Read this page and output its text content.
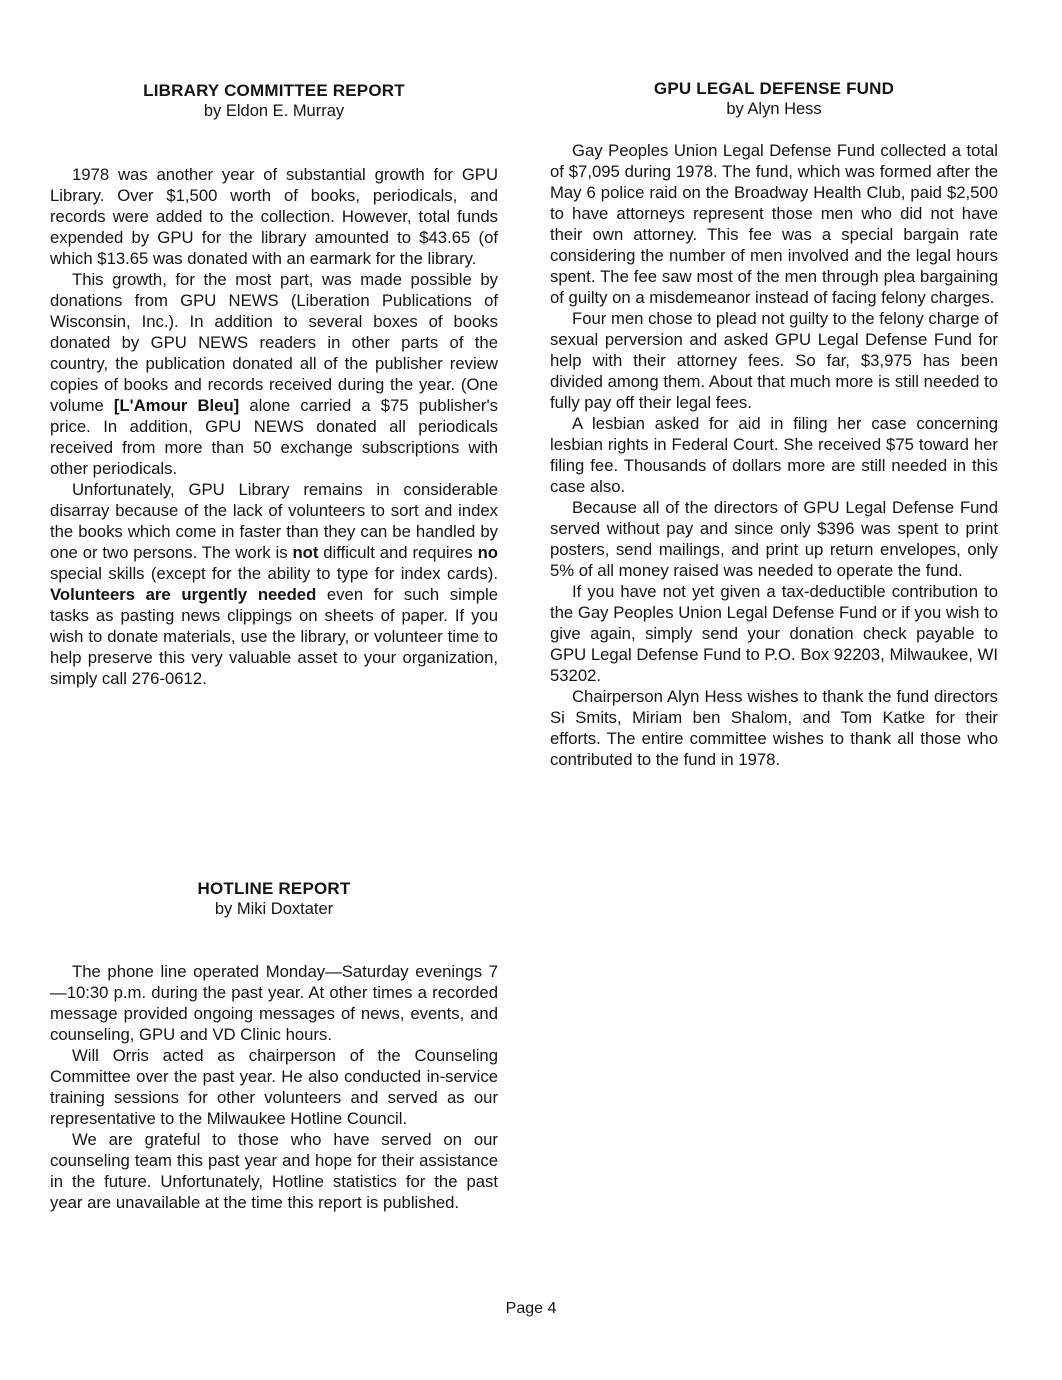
LIBRARY COMMITTEE REPORT
by Eldon E. Murray

1978 was another year of substantial growth for GPU Library. Over $1,500 worth of books, periodicals, and records were added to the collection. However, total funds expended by GPU for the library amounted to $43.65 (of which $13.65 was donated with an earmark for the library.

This growth, for the most part, was made possible by donations from GPU NEWS (Liberation Publications of Wisconsin, Inc.). In addition to several boxes of books donated by GPU NEWS readers in other parts of the country, the publication donated all of the publisher review copies of books and records received during the year. (One volume [L'Amour Bleu] alone carried a $75 publisher's price. In addition, GPU NEWS donated all periodicals received from more than 50 exchange subscriptions with other periodicals.

Unfortunately, GPU Library remains in considerable disarray because of the lack of volunteers to sort and index the books which come in faster than they can be handled by one or two persons. The work is not difficult and requires no special skills (except for the ability to type for index cards). Volunteers are urgently needed even for such simple tasks as pasting news clippings on sheets of paper. If you wish to donate materials, use the library, or volunteer time to help preserve this very valuable asset to your organization, simply call 276-0612.

HOTLINE REPORT
by Miki Doxtater

The phone line operated Monday—Saturday evenings 7—10:30 p.m. during the past year. At other times a recorded message provided ongoing messages of news, events, and counseling, GPU and VD Clinic hours.

Will Orris acted as chairperson of the Counseling Committee over the past year. He also conducted in-service training sessions for other volunteers and served as our representative to the Milwaukee Hotline Council.

We are grateful to those who have served on our counseling team this past year and hope for their assistance in the future. Unfortunately, Hotline statistics for the past year are unavailable at the time this report is published.

GPU LEGAL DEFENSE FUND
by Alyn Hess

Gay Peoples Union Legal Defense Fund collected a total of $7,095 during 1978. The fund, which was formed after the May 6 police raid on the Broadway Health Club, paid $2,500 to have attorneys represent those men who did not have their own attorney. This fee was a special bargain rate considering the number of men involved and the legal hours spent. The fee saw most of the men through plea bargaining of guilty on a misdemeanor instead of facing felony charges.

Four men chose to plead not guilty to the felony charge of sexual perversion and asked GPU Legal Defense Fund for help with their attorney fees. So far, $3,975 has been divided among them. About that much more is still needed to fully pay off their legal fees.

A lesbian asked for aid in filing her case concerning lesbian rights in Federal Court. She received $75 toward her filing fee. Thousands of dollars more are still needed in this case also.

Because all of the directors of GPU Legal Defense Fund served without pay and since only $396 was spent to print posters, send mailings, and print up return envelopes, only 5% of all money raised was needed to operate the fund.

If you have not yet given a tax-deductible contribution to the Gay Peoples Union Legal Defense Fund or if you wish to give again, simply send your donation check payable to GPU Legal Defense Fund to P.O. Box 92203, Milwaukee, WI 53202.

Chairperson Alyn Hess wishes to thank the fund directors Si Smits, Miriam ben Shalom, and Tom Katke for their efforts. The entire committee wishes to thank all those who contributed to the fund in 1978.

Page 4
